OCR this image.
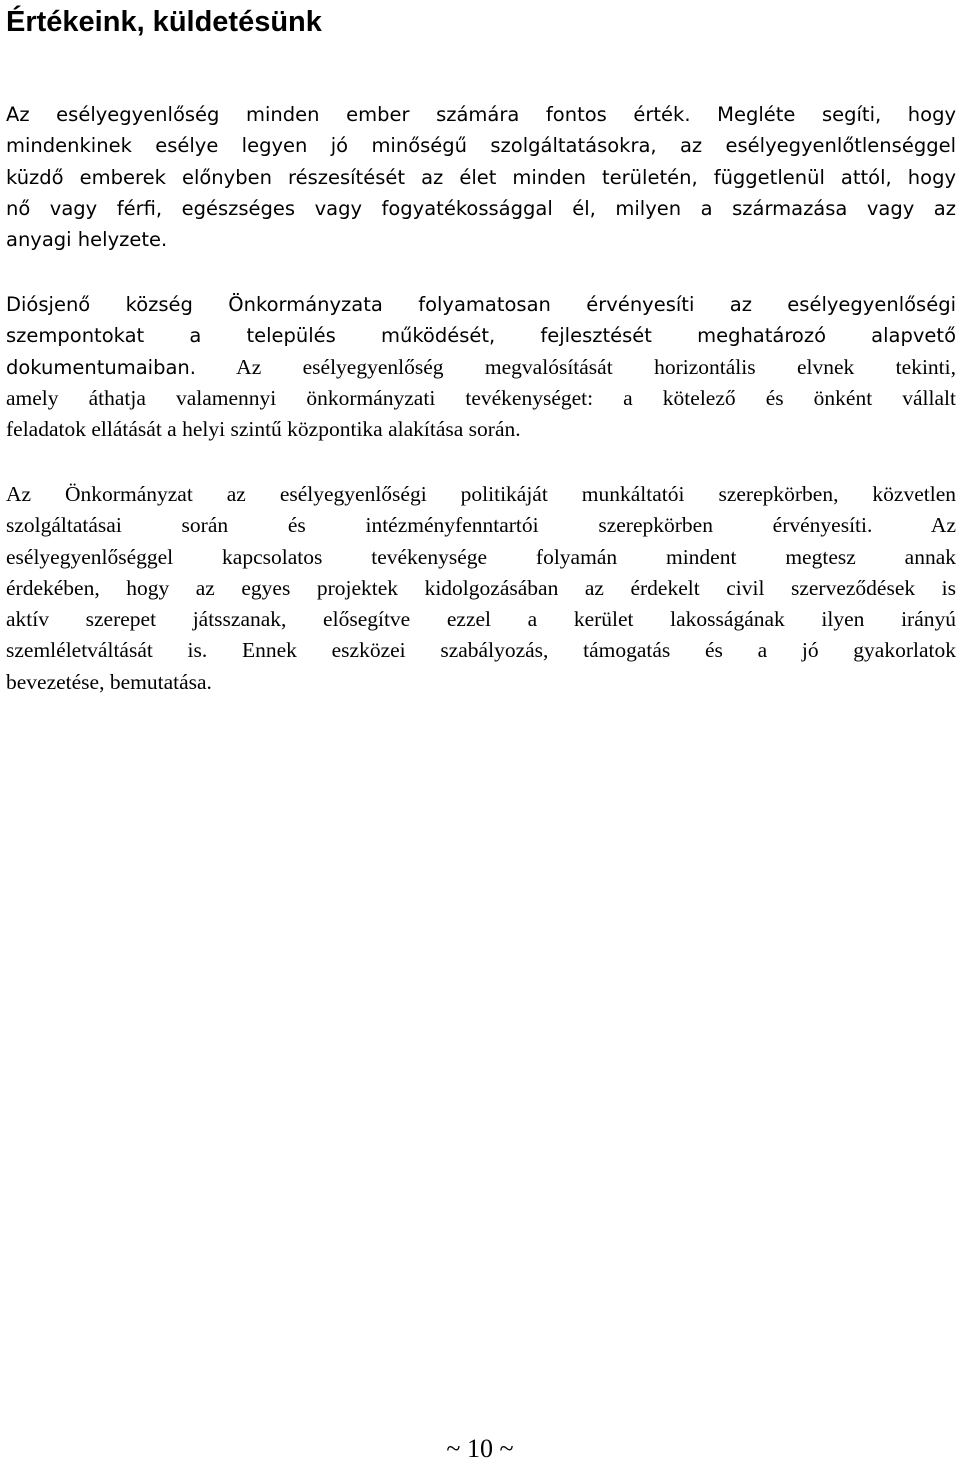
Értékeink, küldetésünk
Az esélyegyenlőség minden ember számára fontos érték. Megléte segíti, hogy
mindenkinek esélye legyen jó minőségű szolgáltatásokra, az esélyegyenlőtlenséggel
küzdő emberek előnyben részesítését az élet minden területén, függetlenül attól, hogy
nő vagy férfi, egészséges vagy fogyatékossággal él, milyen a származása vagy az
anyagi helyzete.
Diósjenő község Önkormányzata folyamatosan érvényesíti az esélyegyenlőségi
szempontokat a település működését, fejlesztését meghatározó alapvető
dokumentumaiban. Az esélyegyenlőség megvalósítását horizontális elvnek tekinti,
amely áthatja valamennyi önkormányzati tevékenységet: a kötelező és önként vállalt
feladatok ellátását a helyi szintű központika alakítása során.
Az Önkormányzat az esélyegyenlőségi politikáját munkáltatói szerepkörben, közvetlen
szolgáltatásai során és intézményfenntartói szerepkörben érvényesíti. Az
esélyegyenlőséggel kapcsolatos tevékenysége folyamán mindent megtesz annak
érdekében, hogy az egyes projektek kidolgozásában az érdekelt civil szerveződések is
aktív szerepet játsszanak, elősegítve ezzel a kerület lakosságának ilyen irányú
szemléletváltását is. Ennek eszközei szabályozás, támogatás és a jó gyakorlatok
bevezetése, bemutatása.

~ 10 ~
